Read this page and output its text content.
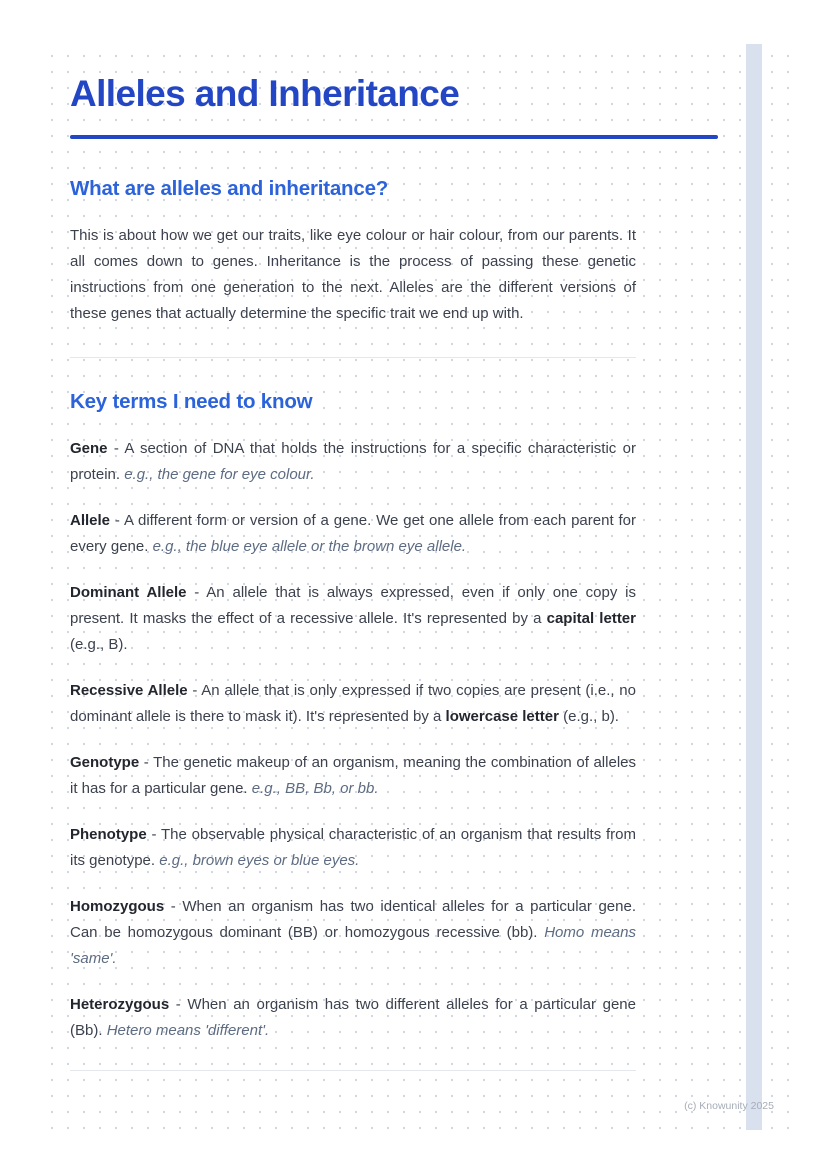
Alleles and Inheritance
What are alleles and inheritance?

This is about how we get our traits, like eye colour or hair colour, from our parents. It all comes down to genes. Inheritance is the process of passing these genetic instructions from one generation to the next. Alleles are the different versions of these genes that actually determine the specific trait we end up with.

Key terms I need to know

Gene - A section of DNA that holds the instructions for a specific characteristic or protein. e.g., the gene for eye colour.

Allele - A different form or version of a gene. We get one allele from each parent for every gene. e.g., the blue eye allele or the brown eye allele.

Dominant Allele - An allele that is always expressed, even if only one copy is present. It masks the effect of a recessive allele. It's represented by a capital letter (e.g., B).

Recessive Allele - An allele that is only expressed if two copies are present (i.e., no dominant allele is there to mask it). It's represented by a lowercase letter (e.g., b).

Genotype - The genetic makeup of an organism, meaning the combination of alleles it has for a particular gene. e.g., BB, Bb, or bb.

Phenotype - The observable physical characteristic of an organism that results from its genotype. e.g., brown eyes or blue eyes.

Homozygous - When an organism has two identical alleles for a particular gene. Can be homozygous dominant (BB) or homozygous recessive (bb). Homo means 'same'.

Heterozygous - When an organism has two different alleles for a particular gene (Bb). Hetero means 'different'.

(c) Knowunity 2025
